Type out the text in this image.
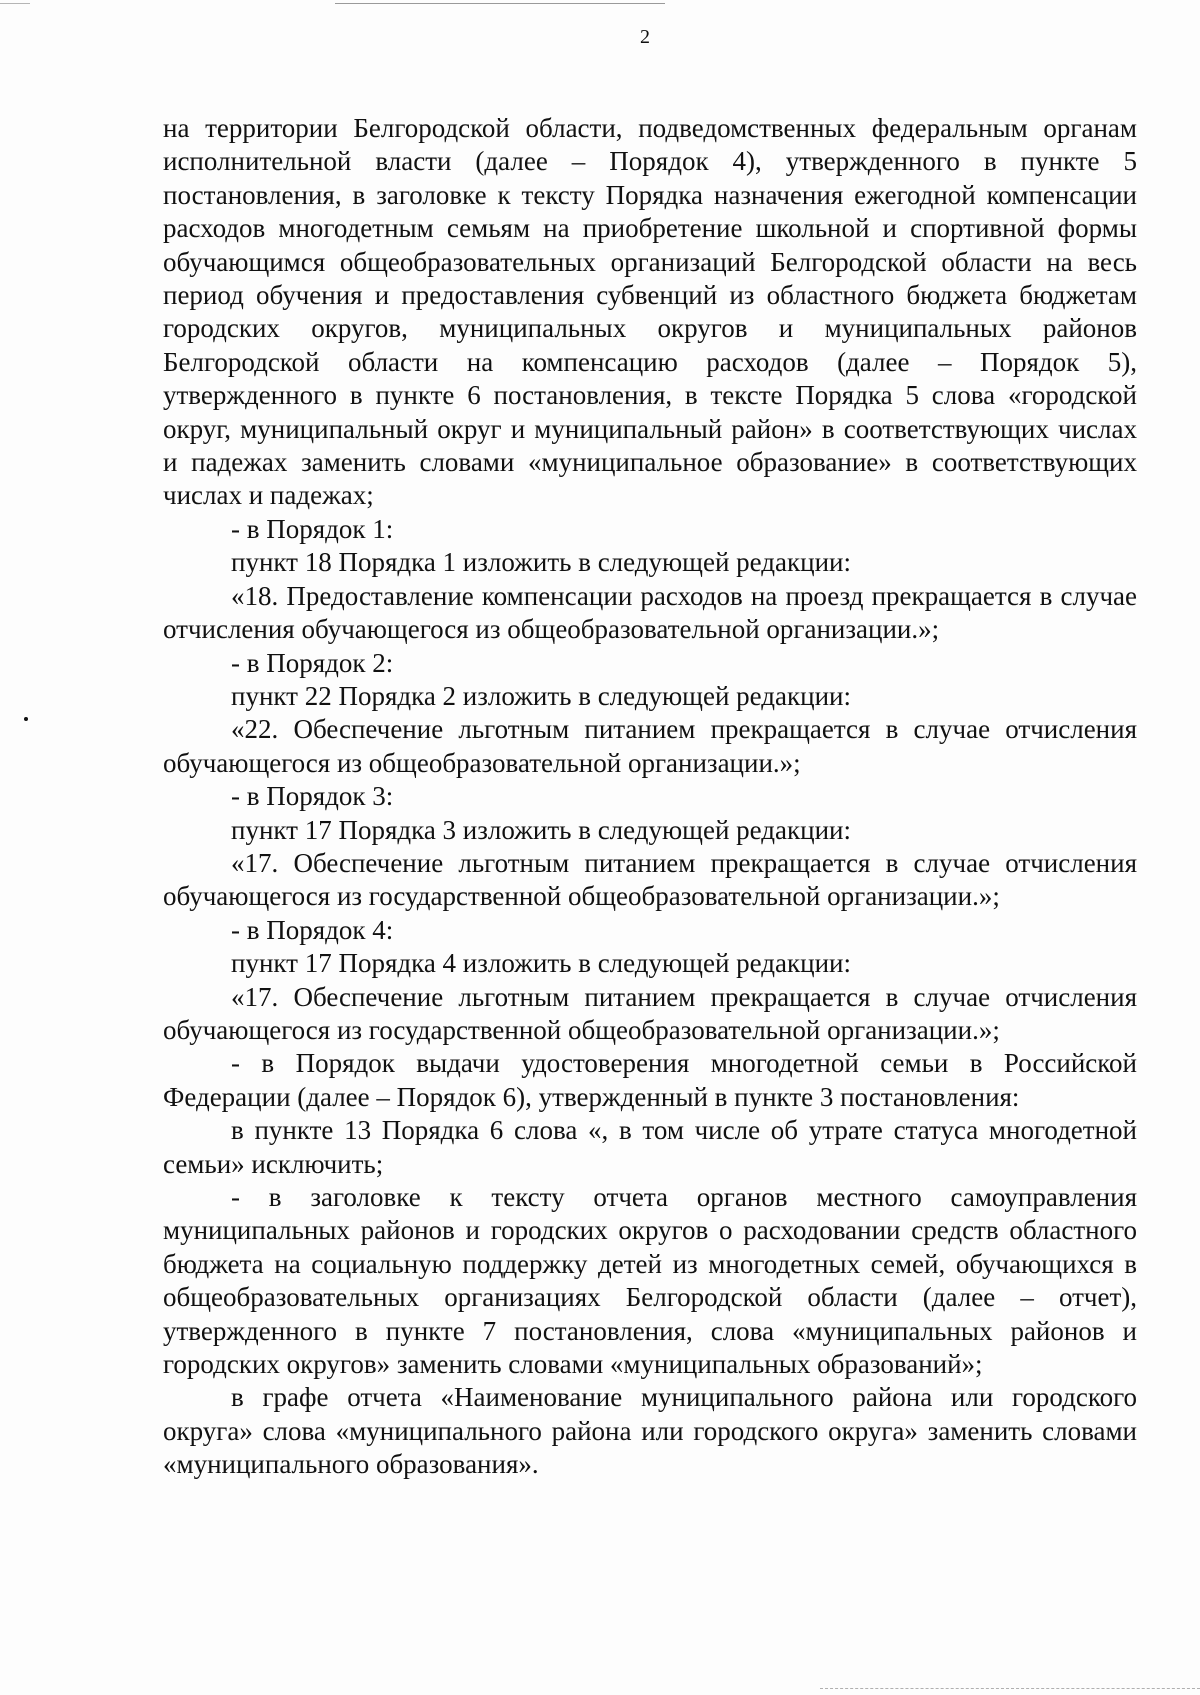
2

на территории Белгородской области, подведомственных федеральным органам исполнительной власти (далее – Порядок 4), утвержденного в пункте 5 постановления, в заголовке к тексту Порядка назначения ежегодной компенсации расходов многодетным семьям на приобретение школьной и спортивной формы обучающимся общеобразовательных организаций Белгородской области на весь период обучения и предоставления субвенций из областного бюджета бюджетам городских округов, муниципальных округов и муниципальных районов Белгородской области на компенсацию расходов (далее – Порядок 5), утвержденного в пункте 6 постановления, в тексте Порядка 5 слова «городской округ, муниципальный округ и муниципальный район» в соответствующих числах и падежах заменить словами «муниципальное образование» в соответствующих числах и падежах;

- в Порядок 1:

пункт 18 Порядка 1 изложить в следующей редакции:

«18. Предоставление компенсации расходов на проезд прекращается в случае отчисления обучающегося из общеобразовательной организации.»;

- в Порядок 2:

пункт 22 Порядка 2 изложить в следующей редакции:

«22. Обеспечение льготным питанием прекращается в случае отчисления обучающегося из общеобразовательной организации.»;

- в Порядок 3:

пункт 17 Порядка 3 изложить в следующей редакции:

«17. Обеспечение льготным питанием прекращается в случае отчисления обучающегося из государственной общеобразовательной организации.»;

- в Порядок 4:

пункт 17 Порядка 4 изложить в следующей редакции:

«17. Обеспечение льготным питанием прекращается в случае отчисления обучающегося из государственной общеобразовательной организации.»;

- в Порядок выдачи удостоверения многодетной семьи в Российской Федерации (далее – Порядок 6), утвержденный в пункте 3 постановления:

в пункте 13 Порядка 6 слова «, в том числе об утрате статуса многодетной семьи» исключить;

- в заголовке к тексту отчета органов местного самоуправления муниципальных районов и городских округов о расходовании средств областного бюджета на социальную поддержку детей из многодетных семей, обучающихся в общеобразовательных организациях Белгородской области (далее – отчет), утвержденного в пункте 7 постановления, слова «муниципальных районов и городских округов» заменить словами «муниципальных образований»;

в графе отчета «Наименование муниципального района или городского округа» слова «муниципального района или городского округа» заменить словами «муниципального образования».
